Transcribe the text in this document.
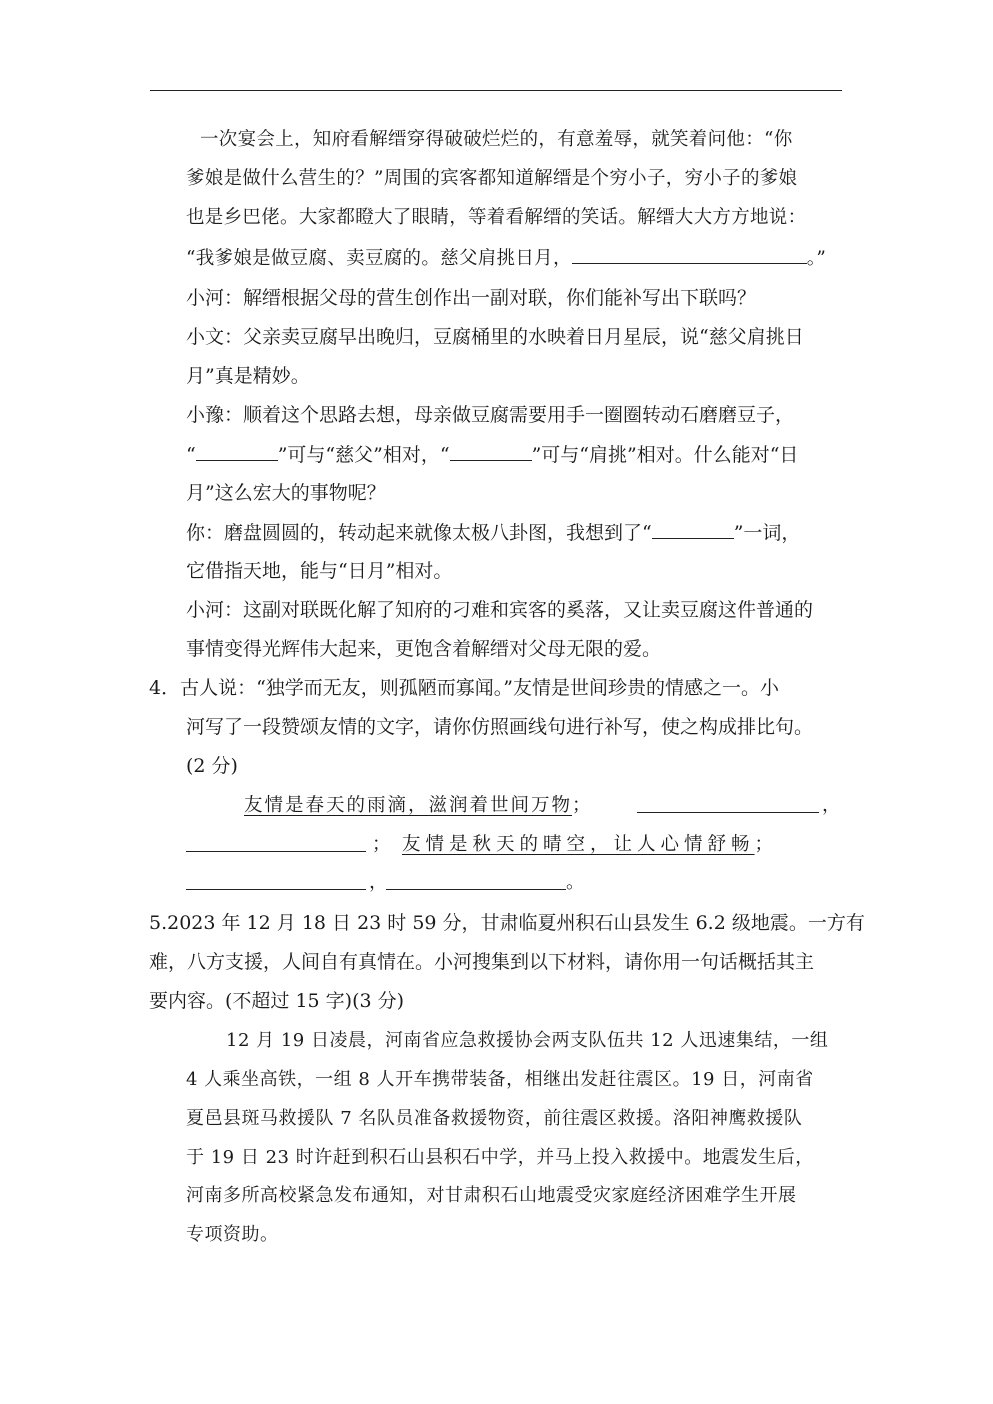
一次宴会上，知府看解缙穿得破破烂烂的，有意羞辱，就笑着问他：“你
爹娘是做什么营生的？”周围的宾客都知道解缙是个穷小子，穷小子的爹娘
也是乡巴佬。大家都瞪大了眼睛，等着看解缙的笑话。解缙大大方方地说：
“我爹娘是做豆腐、卖豆腐的。慈父肩挑日月，	。”
小河：解缙根据父母的营生创作出一副对联，你们能补写出下联吗？
小文：父亲卖豆腐早出晚归，豆腐桶里的水映着日月星辰，说“慈父肩挑日
月”真是精妙。
小豫：顺着这个思路去想，母亲做豆腐需要用手一圈圈转动石磨磨豆子，
“	”可与“慈父”相对，“	”可与“肩挑”相对。什么能对“日
月”这么宏大的事物呢？
你：磨盘圆圆的，转动起来就像太极八卦图，我想到了“	”一词，
它借指天地，能与“日月”相对。
小河：这副对联既化解了知府的刁难和宾客的奚落，又让卖豆腐这件普通的
事情变得光辉伟大起来，更饱含着解缙对父母无限的爱。
4．古人说：“独学而无友，则孤陋而寡闻。”友情是世间珍贵的情感之一。小
河写了一段赞颂友情的文字，请你仿照画线句进行补写，使之构成排比句。
(2 分)
友情是春天的雨滴，滋润着世间万物；	，
； 友情是秋天的晴空，让人心情舒畅；
，	。
5.2023 年 12 月 18 日 23 时 59 分，甘肃临夏州积石山县发生 6.2 级地震。一方有
难，八方支援，人间自有真情在。小河搜集到以下材料，请你用一句话概括其主
要内容。(不超过 15 字)(3 分)
12 月 19 日凌晨，河南省应急救援协会两支队伍共 12 人迅速集结，一组
4 人乘坐高铁，一组 8 人开车携带装备，相继出发赶往震区。19 日，河南省
夏邑县斑马救援队 7 名队员准备救援物资，前往震区救援。洛阳神鹰救援队
于 19 日 23 时许赶到积石山县积石中学，并马上投入救援中。地震发生后，
河南多所高校紧急发布通知，对甘肃积石山地震受灾家庭经济困难学生开展
专项资助。
